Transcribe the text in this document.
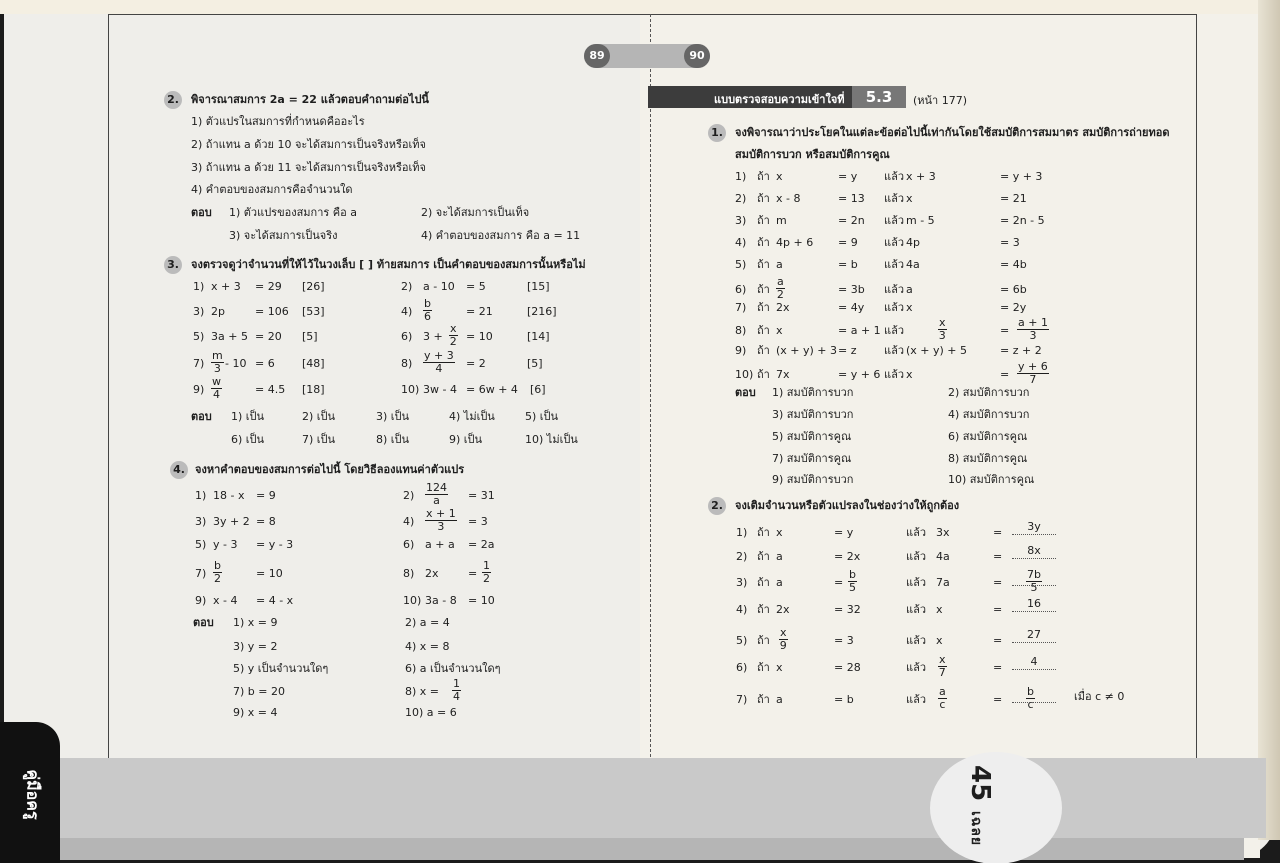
45
เฉลย
คู่มือครู
89	90
2. พิจารณาสมการ 2a = 22 แล้วตอบคำถามต่อไปนี้
1) ตัวแปรในสมการที่กำหนดคืออะไร
2) ถ้าแทน a ด้วย 10 จะได้สมการเป็นจริงหรือเท็จ
3) ถ้าแทน a ด้วย 11 จะได้สมการเป็นจริงหรือเท็จ
4) คำตอบของสมการคือจำนวนใด
ตอบ 1) ตัวแปรของสมการ คือ a	2) จะได้สมการเป็นเท็จ
3) จะได้สมการเป็นจริง	4) คำตอบของสมการ คือ a = 11
3. จงตรวจดูว่าจำนวนที่ให้ไว้ในวงเล็บ [ ] ท้ายสมการ เป็นคำตอบของสมการนั้นหรือไม่
1) x + 3 = 29 [26]	2) a - 10 = 5	[15]
3) 2p	= 106 [53]	$4) \frac{b}{6}$	= 21	[216]
5) 3a + 5 = 20 [5]	6) $3 + \frac{x}{2} = 10$	[14]
$7) \frac{m}{3} - 10 = 6$ [48]	$8) \frac{y + 3}{4} = 2$	[5]
$9) \frac{w}{4}$	= 4.5 [18]	10) 3w - 4 = 6w + 4 [6]
ตอบ 1) เป็น	2) เป็น	3) เป็น	4) ไม่เป็น	5) เป็น
6) เป็น	7) เป็น	8) เป็น	9) เป็น	10) ไม่เป็น
4. จงหาคำตอบของสมการต่อไปนี้ โดยวิธีลองแทนค่าตัวแปร
1) 18 - x = 9	$2) \frac{124}{a} = 31$
3) 3y + 2 = 8	$4) \frac{x + 1}{3} = 3$
5) y - 3 = y - 3	6) a + a = 2a
$7) \frac{b}{2}$	= 10	8) 2x	= $\frac{1}{2}$
9) x - 4 = 4 - x	10) 3a - 8 = 10
ตอบ 1) x = 9	2) a = 4
3) y = 2	4) x = 8
5) y เป็นจำนวนใดๆ	6) a เป็นจำนวนใดๆ
7) b = 20	8) $x = \frac{1}{4}$
9) x = 4	10) a = 6
แบบตรวจสอบความเข้าใจที่	5.3	(หน้า 177)
1. จงพิจารณาว่าประโยคในแต่ละข้อต่อไปนี้เท่ากันโดยใช้สมบัติการสมมาตร สมบัติการถ่ายทอด
สมบัติการบวก หรือสมบัติการคูณ
1) ถ้า x	= y แล้ว x + 3	= y + 3
2) ถ้า x - 8	= 13 แล้ว x	= 21
3) ถ้า m	= 2n แล้ว m - 5	= 2n - 5
4) ถ้า 4p + 6 = 9 แล้ว 4p	= 3
5) ถ้า a	= b แล้ว 4a	= 4b
6) ถ้า $\frac{a}{2}$	= 3b แล้ว a	= 6b
7) ถ้า 2x	= 4y แล้ว x	= 2y
8) ถ้า x	= a + 1 แล้ว	$\frac{x}{3}$	= $\frac{a + 1}{3}$
9) ถ้า (x + y) + 3 = z	แล้ว (x + y) + 5	= z + 2
10) ถ้า 7x	= y + 6 แล้ว x	= $\frac{y + 6}{7}$
ตอบ 1) สมบัติการบวก	2) สมบัติการบวก
3) สมบัติการบวก	4) สมบัติการบวก
5) สมบัติการคูณ	6) สมบัติการคูณ
7) สมบัติการคูณ	8) สมบัติการคูณ
9) สมบัติการบวก	10) สมบัติการคูณ
2. จงเติมจำนวนหรือตัวแปรลงในช่องว่างให้ถูกต้อง
1) ถ้า x	= y	แล้ว 3x	=	3y
2) ถ้า a	= 2x	แล้ว 4a	=	8x
3) ถ้า a	= $\frac{b}{5}$	แล้ว 7a	= $\frac{7b}{5}$
4) ถ้า 2x	= 32	แล้ว x	=	16
5) ถ้า $\frac{x}{9}$	= 3	แล้ว x	=	27
6) ถ้า x	= 28	แล้ว $\frac{x}{7}$	=	4
7) ถ้า a	= b	แล้ว $\frac{a}{c}$	= $\frac{b}{c}$	เมื่อ c ≠ 0
